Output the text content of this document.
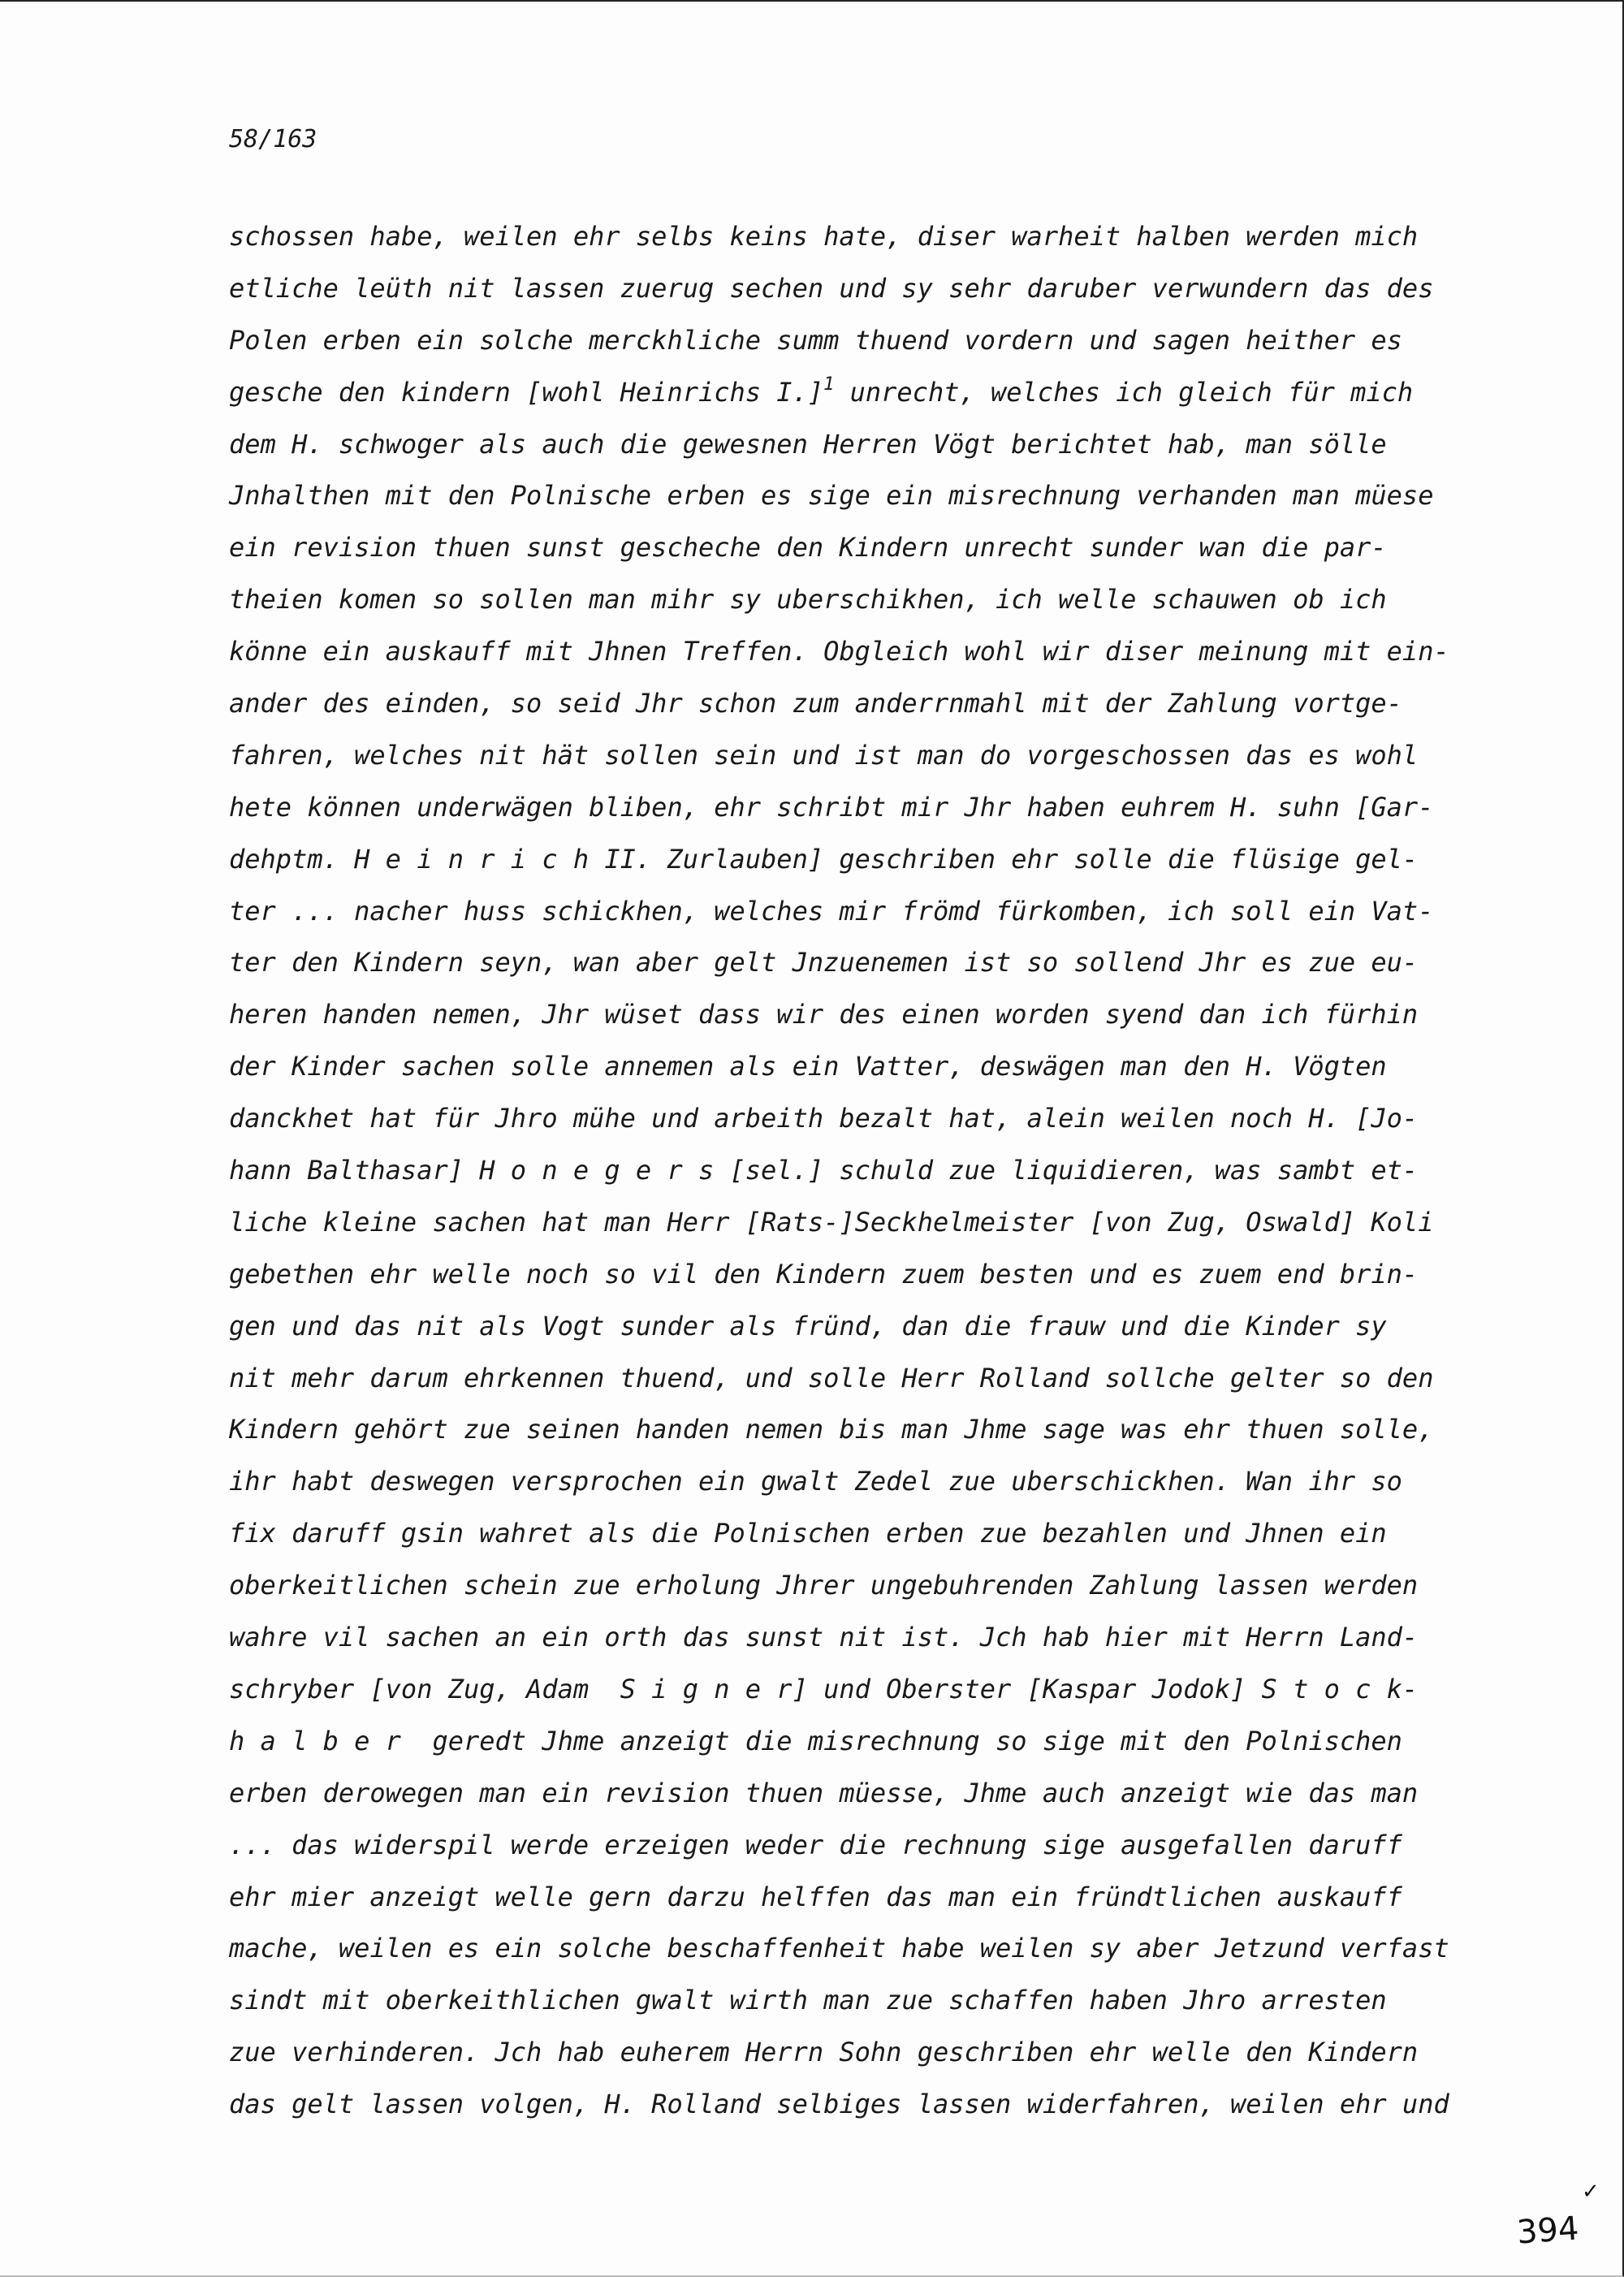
58/163
schossen habe, weilen ehr selbs keins hate, diser warheit halben werden mich
etliche leüth nit lassen zuerug sechen und sy sehr daruber verwundern das des
Polen erben ein solche merckhliche summ thuend vordern und sagen heither es
gesche den kindern [wohl Heinrichs I.]$^1$ unrecht, welches ich gleich für mich
dem H. schwoger als auch die gewesnen Herren Vögt berichtet hab, man sölle
Jnhalthen mit den Polnische erben es sige ein misrechnung verhanden man müese
ein revision thuen sunst gescheche den Kindern unrecht sunder wan die par-
theien komen so sollen man mihr sy uberschikhen, ich welle schauwen ob ich
könne ein auskauff mit Jhnen Treffen. Obgleich wohl wir diser meinung mit ein-
ander des einden, so seid Jhr schon zum anderrnmahl mit der Zahlung vortge-
fahren, welches nit hät sollen sein und ist man do vorgeschossen das es wohl
hete können underwägen bliben, ehr schribt mir Jhr haben euhrem H. suhn [Gar-
dehptm. H e i n r i c h II. Zurlauben] geschriben ehr solle die flüsige gel-
ter ... nacher huss schickhen, welches mir frömd fürkomben, ich soll ein Vat-
ter den Kindern seyn, wan aber gelt Jnzuenemen ist so sollend Jhr es zue eu-
heren handen nemen, Jhr wüset dass wir des einen worden syend dan ich fürhin
der Kinder sachen solle annemen als ein Vatter, deswägen man den H. Vögten
danckhet hat für Jhro mühe und arbeith bezalt hat, alein weilen noch H. [Jo-
hann Balthasar] H o n e g e r s [sel.] schuld zue liquidieren, was sambt et-
liche kleine sachen hat man Herr [Rats-]Seckhelmeister [von Zug, Oswald] Koli
gebethen ehr welle noch so vil den Kindern zuem besten und es zuem end brin-
gen und das nit als Vogt sunder als fründ, dan die frauw und die Kinder sy
nit mehr darum ehrkennen thuend, und solle Herr Rolland sollche gelter so den
Kindern gehört zue seinen handen nemen bis man Jhme sage was ehr thuen solle,
ihr habt deswegen versprochen ein gwalt Zedel zue uberschickhen. Wan ihr so
fix daruff gsin wahret als die Polnischen erben zue bezahlen und Jhnen ein
oberkeitlichen schein zue erholung Jhrer ungebuhrenden Zahlung lassen werden
wahre vil sachen an ein orth das sunst nit ist. Jch hab hier mit Herrn Land-
schryber [von Zug, Adam  S i g n e r] und Oberster [Kaspar Jodok] S t o c k-
h a l b e r  geredt Jhme anzeigt die misrechnung so sige mit den Polnischen
erben derowegen man ein revision thuen müesse, Jhme auch anzeigt wie das man
... das widerspil werde erzeigen weder die rechnung sige ausgefallen daruff
ehr mier anzeigt welle gern darzu helffen das man ein fründtlichen auskauff
mache, weilen es ein solche beschaffenheit habe weilen sy aber Jetzund verfast
sindt mit oberkeithlichen gwalt wirth man zue schaffen haben Jhro arresten
zue verhinderen. Jch hab euherem Herrn Sohn geschriben ehr welle den Kindern
das gelt lassen volgen, H. Rolland selbiges lassen widerfahren, weilen ehr und
✓
394
